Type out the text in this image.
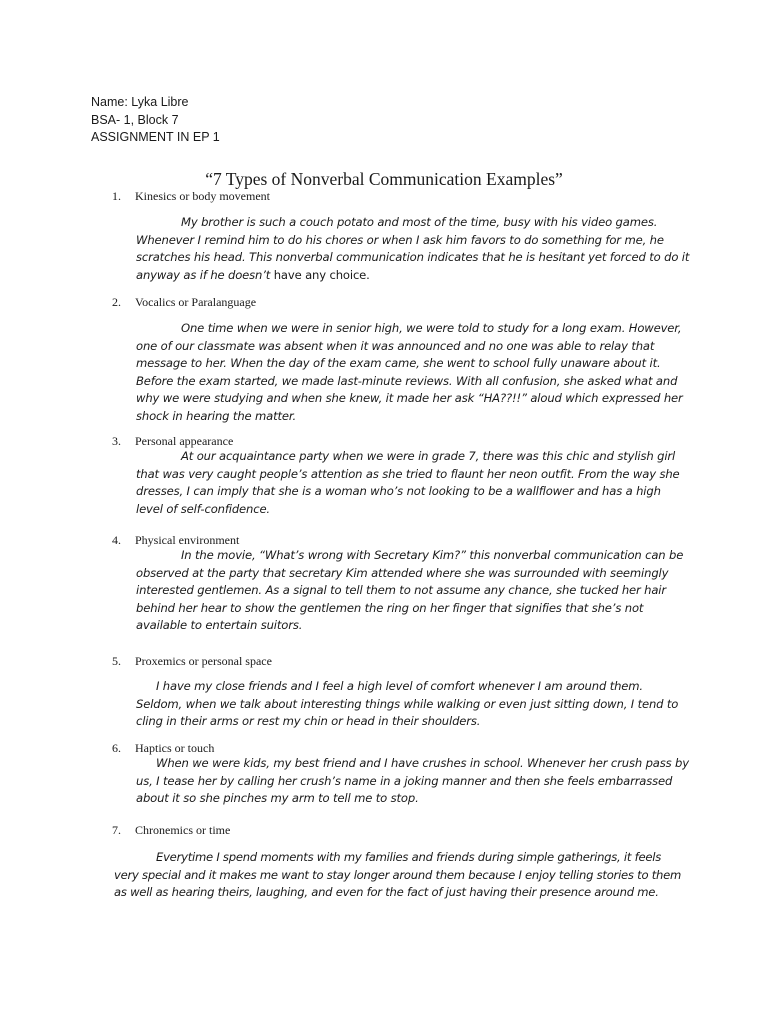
Name: Lyka Libre
BSA- 1, Block 7
ASSIGNMENT IN EP 1
“7 Types of Nonverbal Communication Examples”
1. Kinesics or body movement
My brother is such a couch potato and most of the time, busy with his video games.
Whenever I remind him to do his chores or when I ask him favors to do something for me, he
scratches his head. This nonverbal communication indicates that he is hesitant yet forced to do it
anyway as if he doesn’t have any choice.
2. Vocalics or Paralanguage
One time when we were in senior high, we were told to study for a long exam. However,
one of our classmate was absent when it was announced and no one was able to relay that
message to her. When the day of the exam came, she went to school fully unaware about it.
Before the exam started, we made last-minute reviews. With all confusion, she asked what and
why we were studying and when she knew, it made her ask “HA??!!” aloud which expressed her
shock in hearing the matter.
3. Personal appearance
At our acquaintance party when we were in grade 7, there was this chic and stylish girl
that was very caught people’s attention as she tried to flaunt her neon outfit. From the way she
dresses, I can imply that she is a woman who’s not looking to be a wallflower and has a high
level of self-confidence.
4. Physical environment
In the movie, “What’s wrong with Secretary Kim?” this nonverbal communication can be
observed at the party that secretary Kim attended where she was surrounded with seemingly
interested gentlemen. As a signal to tell them to not assume any chance, she tucked her hair
behind her hear to show the gentlemen the ring on her finger that signifies that she’s not
available to entertain suitors.
5. Proxemics or personal space
I have my close friends and I feel a high level of comfort whenever I am around them.
Seldom, when we talk about interesting things while walking or even just sitting down, I tend to
cling in their arms or rest my chin or head in their shoulders.
6. Haptics or touch
When we were kids, my best friend and I have crushes in school. Whenever her crush pass by
us, I tease her by calling her crush’s name in a joking manner and then she feels embarrassed
about it so she pinches my arm to tell me to stop.
7. Chronemics or time
Everytime I spend moments with my families and friends during simple gatherings, it feels
very special and it makes me want to stay longer around them because I enjoy telling stories to them
as well as hearing theirs, laughing, and even for the fact of just having their presence around me.
